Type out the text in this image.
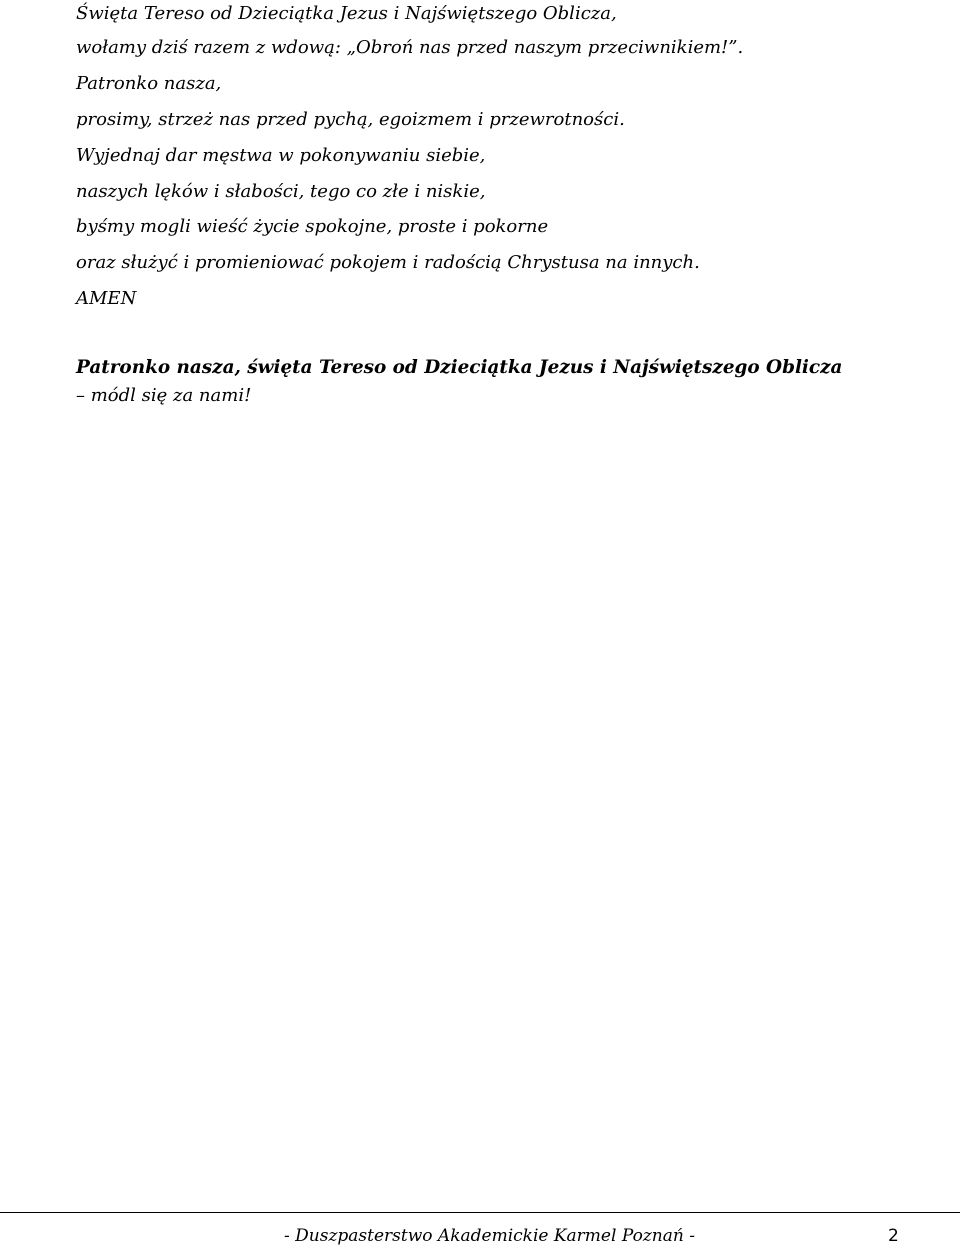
Święta Tereso od Dzieciątka Jezus i Najświętszego Oblicza,
wołamy dziś razem z wdową: „Obroń nas przed naszym przeciwnikiem!”.
Patronko nasza,
prosimy, strzeż nas przed pychą, egoizmem i przewrotności.
Wyjednaj dar męstwa w pokonywaniu siebie,
naszych lęków i słabości, tego co złe i niskie,
byśmy mogli wieść życie spokojne, proste i pokorne
oraz służyć i promieniować pokojem i radością Chrystusa na innych.
AMEN
Patronko nasza, święta Tereso od Dzieciątka Jezus i Najświętszego Oblicza
– módl się za nami!
- Duszpasterstwo Akademickie Karmel Poznań -	2
